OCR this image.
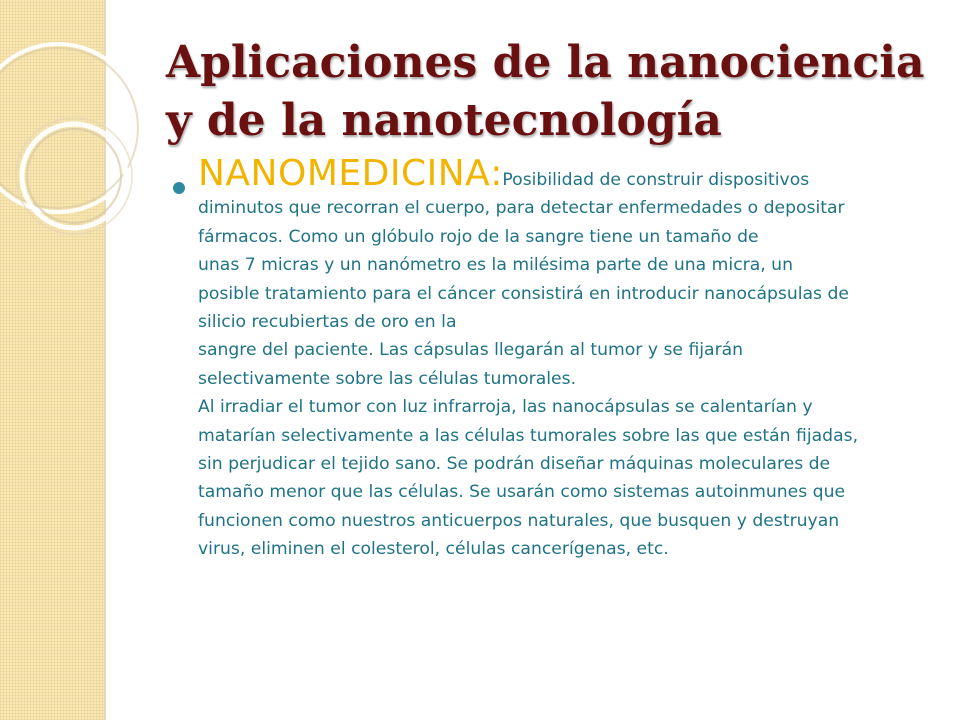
Aplicaciones de la nanociencia
y de la nanotecnología

NANOMEDICINA:Posibilidad de construir dispositivos
diminutos que recorran el cuerpo, para detectar enfermedades o depositar
fármacos. Como un glóbulo rojo de la sangre tiene un tamaño de
unas 7 micras y un nanómetro es la milésima parte de una micra, un
posible tratamiento para el cáncer consistirá en introducir nanocápsulas de
silicio recubiertas de oro en la
sangre del paciente. Las cápsulas llegarán al tumor y se fijarán
selectivamente sobre las células tumorales.
Al irradiar el tumor con luz infrarroja, las nanocápsulas se calentarían y
matarían selectivamente a las células tumorales sobre las que están fijadas,
sin perjudicar el tejido sano. Se podrán diseñar máquinas moleculares de
tamaño menor que las células. Se usarán como sistemas autoinmunes que
funcionen como nuestros anticuerpos naturales, que busquen y destruyan
virus, eliminen el colesterol, células cancerígenas, etc.
